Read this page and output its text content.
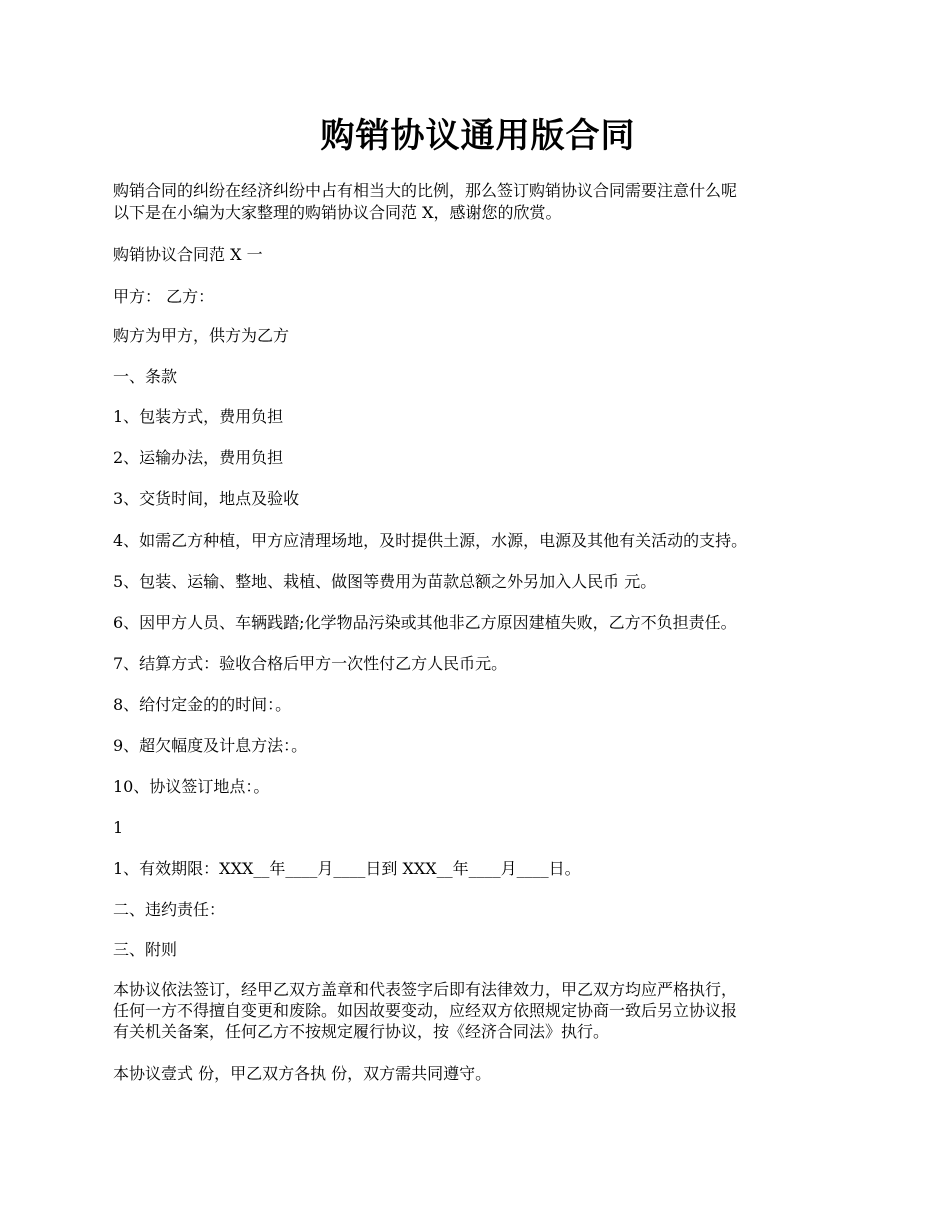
购销协议通用版合同

购销合同的纠纷在经济纠纷中占有相当大的比例，那么签订购销协议合同需要注意什么呢

以下是在小编为大家整理的购销协议合同范 X，感谢您的欣赏。

购销协议合同范 X 一

甲方： 乙方：

购方为甲方，供方为乙方

一、条款

1、包装方式，费用负担

2、运输办法，费用负担

3、交货时间，地点及验收

4、如需乙方种植，甲方应清理场地，及时提供土源，水源，电源及其他有关活动的支持。

5、包装、运输、整地、栽植、做图等费用为苗款总额之外另加入人民币 元。

6、因甲方人员、车辆践踏;化学物品污染或其他非乙方原因建植失败，乙方不负担责任。

7、结算方式：验收合格后甲方一次性付乙方人民币元。

8、给付定金的的时间：。

9、超欠幅度及计息方法：。

10、协议签订地点：。

1

1、有效期限：XXX__年____月____日到 XXX__年____月____日。

二、违约责任：

三、附则

本协议依法签订，经甲乙双方盖章和代表签字后即有法律效力，甲乙双方均应严格执行，

任何一方不得擅自变更和废除。如因故要变动，应经双方依照规定协商一致后另立协议报

有关机关备案，任何乙方不按规定履行协议，按《经济合同法》执行。

本协议壹式 份，甲乙双方各执 份，双方需共同遵守。
